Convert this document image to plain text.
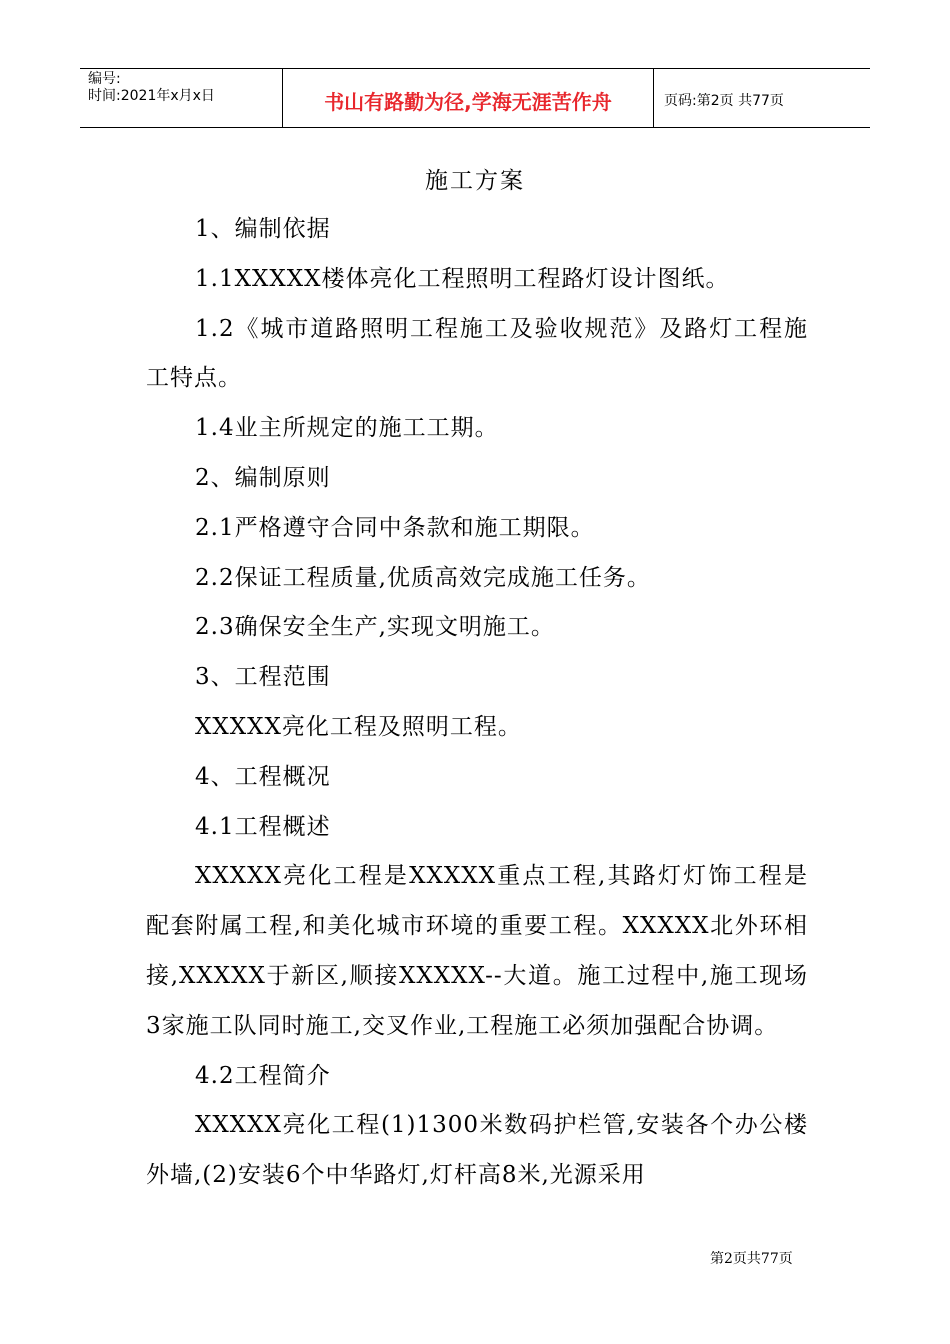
编号:
时间:2021年x月x日	书山有路勤为径,学海无涯苦作舟	页码:第2页 共77页
施工方案

1、编制依据

1.1XXXXX楼体亮化工程照明工程路灯设计图纸。

1.2《城市道路照明工程施工及验收规范》及路灯工程施工特点。

1.4业主所规定的施工工期。

2、编制原则

2.1严格遵守合同中条款和施工期限。

2.2保证工程质量,优质高效完成施工任务。

2.3确保安全生产,实现文明施工。

3、工程范围

XXXXX亮化工程及照明工程。

4、工程概况

4.1工程概述

XXXXX亮化工程是XXXXX重点工程,其路灯灯饰工程是配套附属工程,和美化城市环境的重要工程。XXXXX北外环相接,XXXXX于新区,顺接XXXXX--大道。施工过程中,施工现场3家施工队同时施工,交叉作业,工程施工必须加强配合协调。

4.2工程简介

XXXXX亮化工程(1)1300米数码护栏管,安装各个办公楼外墙,(2)安装6个中华路灯,灯杆高8米,光源采用

第2页共77页
